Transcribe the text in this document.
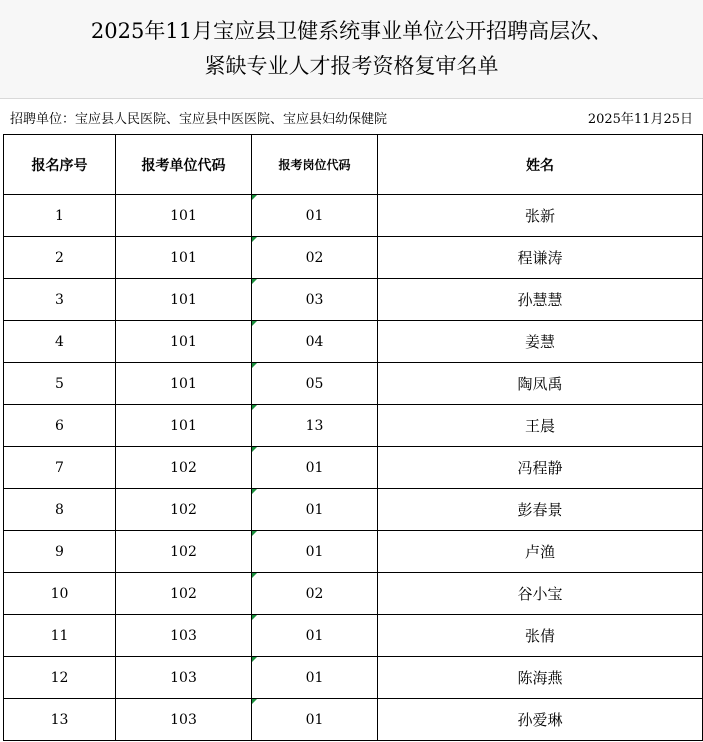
2025年11月宝应县卫健系统事业单位公开招聘高层次、
紧缺专业人才报考资格复审名单
招聘单位：宝应县人民医院、宝应县中医医院、宝应县妇幼保健院	2025年11月25日
报名序号	报考单位代码	报考岗位代码	姓名
1	101	01	张新
2	101	02	程谦涛
3	101	03	孙慧慧
4	101	04	姜慧
5	101	05	陶凤禹
6	101	13	王晨
7	102	01	冯程静
8	102	01	彭春景
9	102	01	卢渔
10	102	02	谷小宝
11	103	01	张倩
12	103	01	陈海燕
13	103	01	孙爱琳
